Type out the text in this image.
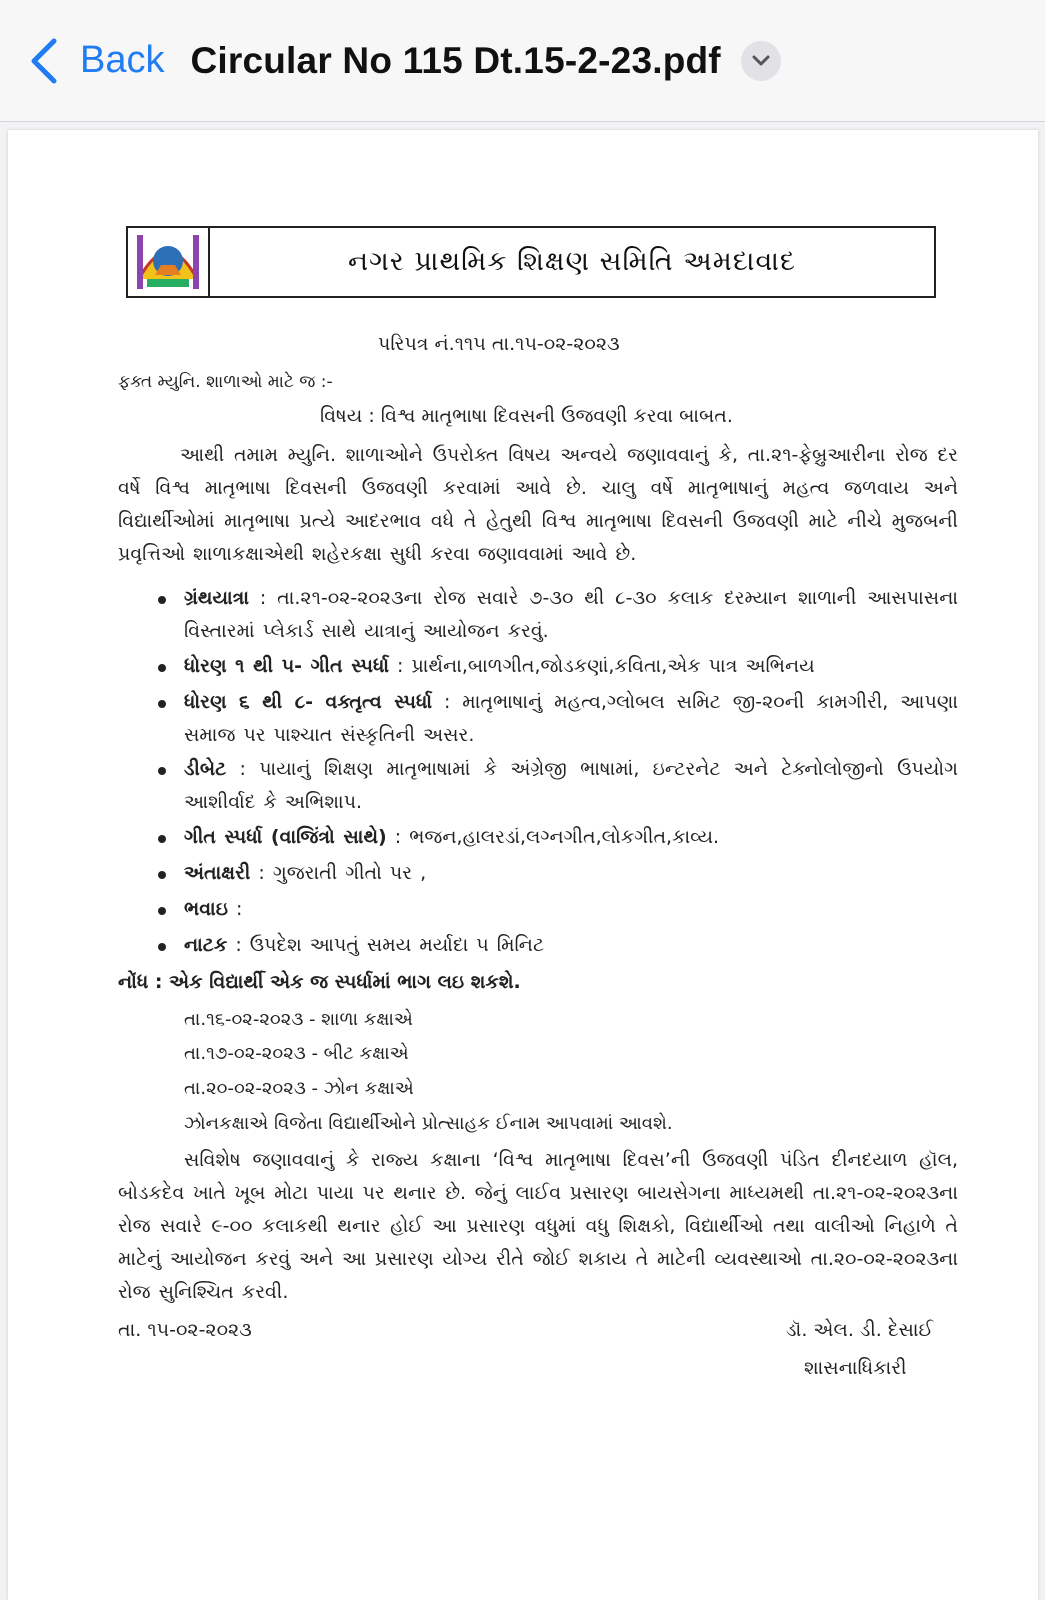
Back Circular No 115 Dt.15-2-23.pdf
નગર પ્રાથમિક શિક્ષણ સમિતિ અમદાવાદ
પરિપત્ર નં.૧૧૫ તા.૧૫-૦૨-૨૦૨૩
ફક્ત મ્યુનિ. શાળાઓ માટે જ :-
વિષય : વિશ્વ માતૃભાષા દિવસની ઉજવણી કરવા બાબત.
આથી તમામ મ્યુનિ. શાળાઓને ઉપરોક્ત વિષય અન્વયે જણાવવાનું કે, તા.૨૧-ફેબ્રુઆરીના રોજ દર વર્ષે વિશ્વ માતૃભાષા દિવસની ઉજવણી કરવામાં આવે છે. ચાલુ વર્ષે માતૃભાષાનું મહત્વ જળવાય અને વિદ્યાર્થીઓમાં માતૃભાષા પ્રત્યે આદરભાવ વધે તે હેતુથી વિશ્વ માતૃભાષા દિવસની ઉજવણી માટે નીચે મુજબની પ્રવૃત્તિઓ શાળાકક્ષાએથી શહેરકક્ષા સુધી કરવા જણાવવામાં આવે છે.
ગ્રંથયાત્રા : તા.૨૧-૦૨-૨૦૨૩ના રોજ સવારે ૭-૩૦ થી ૮-૩૦ કલાક દરમ્યાન શાળાની આસપાસના વિસ્તારમાં પ્લેકાર્ડ સાથે યાત્રાનું આયોજન કરવું.
ધોરણ ૧ થી ૫- ગીત સ્પર્ધા : પ્રાર્થના,બાળગીત,જોડકણાં,કવિતા,એક પાત્ર અભિનય
ધોરણ ૬ થી ૮- વક્તૃત્વ સ્પર્ધા : માતૃભાષાનું મહત્વ,ગ્લોબલ સમિટ જી-૨૦ની કામગીરી, આપણા સમાજ પર પાશ્ચાત સંસ્કૃતિની અસર.
ડીબેટ : પાયાનું શિક્ષણ માતૃભાષામાં કે અંગ્રેજી ભાષામાં, ઇન્ટરનેટ અને ટેક્નોલોજીનો ઉપયોગ આશીર્વાદ કે અભિશાપ.
ગીત સ્પર્ધા (વાજિંત્રો સાથે) : ભજન,હાલરડાં,લગ્નગીત,લોકગીત,કાવ્ય.
અંતાક્ષરી : ગુજરાતી ગીતો પર ,
ભવાઇ :
નાટક : ઉપદેશ આપતું સમય મર્યાદા ૫ મિનિટ
નોંધ : એક વિદ્યાર્થી એક જ સ્પર્ધામાં ભાગ લઇ શકશે.
તા.૧૬-૦૨-૨૦૨૩ - શાળા કક્ષાએ
તા.૧૭-૦૨-૨૦૨૩ - બીટ કક્ષાએ
તા.૨૦-૦૨-૨૦૨૩ - ઝોન કક્ષાએ
ઝોનકક્ષાએ વિજેતા વિદ્યાર્થીઓને પ્રોત્સાહક ઈનામ આપવામાં આવશે.
સવિશેષ જણાવવાનું કે રાજ્ય કક્ષાના ‘વિશ્વ માતૃભાષા દિવસ’ની ઉજવણી પંડિત દીનદયાળ હૉલ, બોડકદેવ ખાતે ખૂબ મોટા પાયા પર થનાર છે. જેનું લાઈવ પ્રસારણ બાયસેગના માધ્યમથી તા.૨૧-૦૨-૨૦૨૩ના રોજ સવારે ૯-૦૦ કલાકથી થનાર હોઈ આ પ્રસારણ વધુમાં વધુ શિક્ષકો, વિદ્યાર્થીઓ તથા વાલીઓ નિહાળે તે માટેનું આયોજન કરવું અને આ પ્રસારણ યોગ્ય રીતે જોઈ શકાય તે માટેની વ્યવસ્થાઓ તા.૨૦-૦૨-૨૦૨૩ના રોજ સુનિશ્ચિત કરવી.
તા. ૧૫-૦૨-૨૦૨૩	ડૉ. એલ. ડી. દેસાઈ
શાસનાધિકારી
